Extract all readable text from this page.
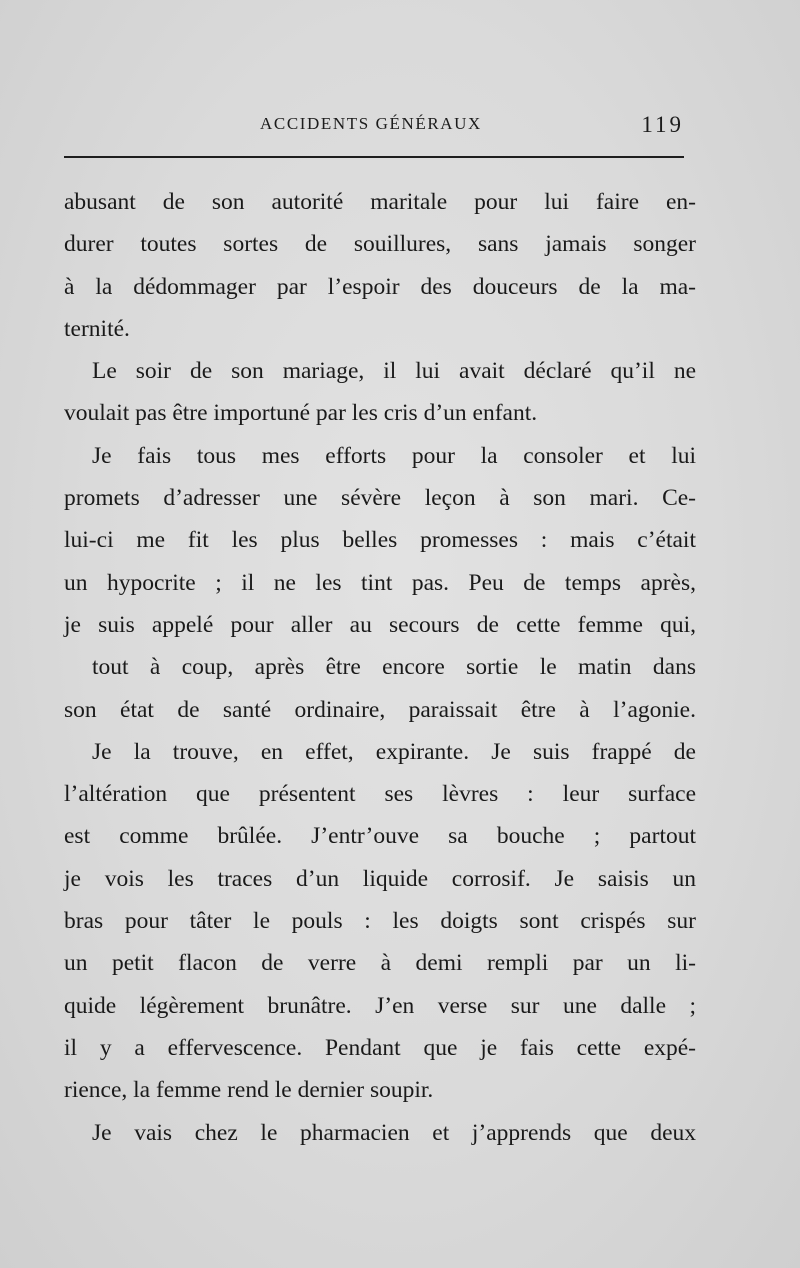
ACCIDENTS GÉNÉRAUX	119
abusant de son autorité maritale pour lui faire en-
durer toutes sortes de souillures, sans jamais songer
à la dédommager par l’espoir des douceurs de la ma-
ternité.
Le soir de son mariage, il lui avait déclaré qu’il ne
voulait pas être importuné par les cris d’un enfant.
Je fais tous mes efforts pour la consoler et lui
promets d’adresser une sévère leçon à son mari. Ce-
lui-ci me fit les plus belles promesses : mais c’était
un hypocrite ; il ne les tint pas. Peu de temps après,
je suis appelé pour aller au secours de cette femme qui,
tout à coup, après être encore sortie le matin dans
son état de santé ordinaire, paraissait être à l’agonie.
Je la trouve, en effet, expirante. Je suis frappé de
l’altération que présentent ses lèvres : leur surface
est comme brûlée. J’entr’ouve sa bouche ; partout
je vois les traces d’un liquide corrosif. Je saisis un
bras pour tâter le pouls : les doigts sont crispés sur
un petit flacon de verre à demi rempli par un li-
quide légèrement brunâtre. J’en verse sur une dalle ;
il y a effervescence. Pendant que je fais cette expé-
rience, la femme rend le dernier soupir.
Je vais chez le pharmacien et j’apprends que deux
